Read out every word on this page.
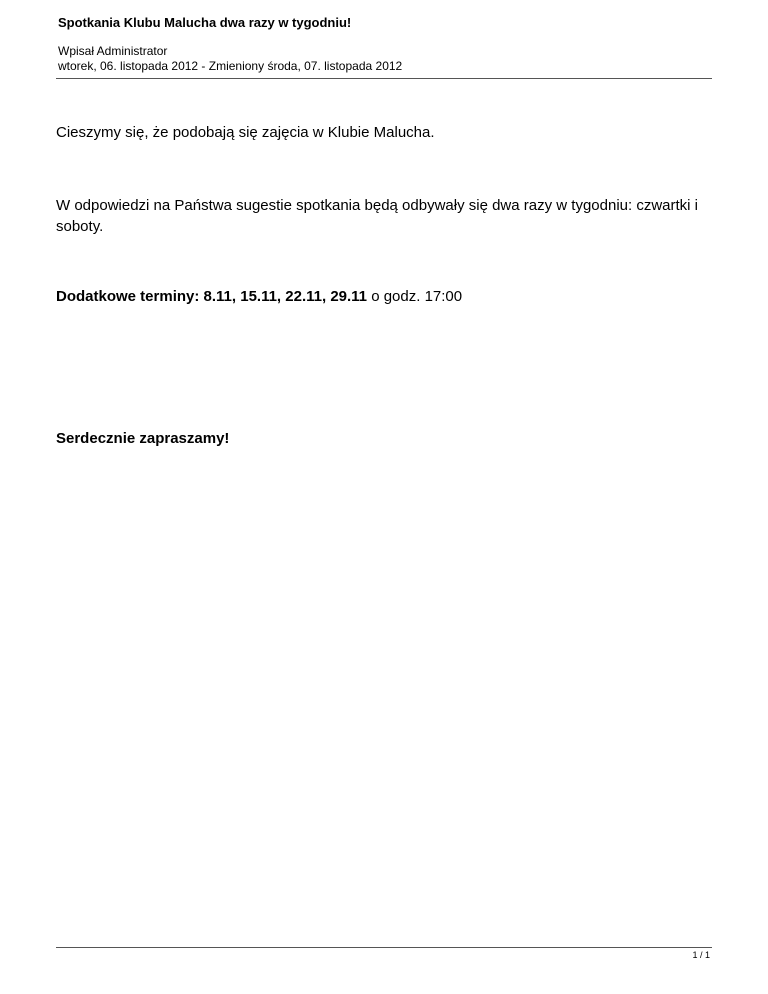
Spotkania Klubu Malucha dwa razy w tygodniu!
Wpisał Administrator
wtorek, 06. listopada 2012 - Zmieniony środa, 07. listopada 2012
Cieszymy się, że podobają się zajęcia w Klubie Malucha.
W odpowiedzi na Państwa sugestie spotkania będą odbywały się dwa razy w tygodniu: czwartki i soboty.
Dodatkowe terminy: 8.11, 15.11, 22.11, 29.11 o godz. 17:00
Serdecznie zapraszamy!
1 / 1
